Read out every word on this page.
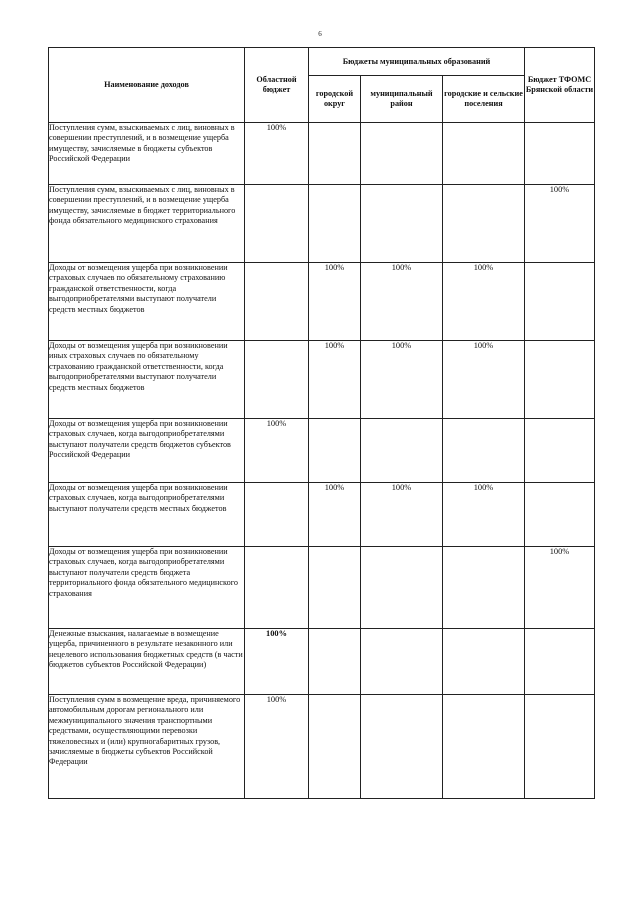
6
Наименование доходов	Областной бюджет	Бюджеты муниципальных образований			Бюджет ТФОМС Брянской области
		городской округ	муниципальный район	городские и сельские поселения	
Поступления сумм, взыскиваемых с лиц, виновных в совершении преступлений, и в возмещение ущерба имуществу, зачисляемые в бюджеты субъектов Российской Федерации	100%				
Поступления сумм, взыскиваемых с лиц, виновных в совершении преступлений, и в возмещение ущерба имуществу, зачисляемые в бюджет территориального фонда обязательного медицинского страхования					100%
Доходы от возмещения ущерба при возникновении страховых случаев по обязательному страхованию гражданской ответственности, когда выгодоприобретателями выступают получатели средств местных бюджетов		100%	100%	100%	
Доходы от возмещения ущерба при возникновении иных страховых случаев по обязательному страхованию гражданской ответственности, когда выгодоприобретателями выступают получатели средств местных бюджетов		100%	100%	100%	
Доходы от возмещения ущерба при возникновении страховых случаев, когда выгодоприобретателями выступают получатели средств бюджетов субъектов Российской Федерации	100%				
Доходы от возмещения ущерба при возникновении страховых случаев, когда выгодоприобретателями выступают получатели средств местных бюджетов		100%	100%	100%	
Доходы от возмещения ущерба при возникновении страховых случаев, когда выгодоприобретателями выступают получатели средств бюджета территориального фонда обязательного медицинского страхования					100%
Денежные взыскания, налагаемые в возмещение ущерба, причиненного в результате незаконного или нецелевого использования бюджетных средств (в части бюджетов субъектов Российской Федерации)	100%				
Поступления сумм в возмещение вреда, причиняемого автомобильным дорогам регионального или межмуниципального значения транспортными средствами, осуществляющими перевозки тяжеловесных и (или) крупногабаритных грузов, зачисляемые в бюджеты субъектов Российской Федерации	100%				
